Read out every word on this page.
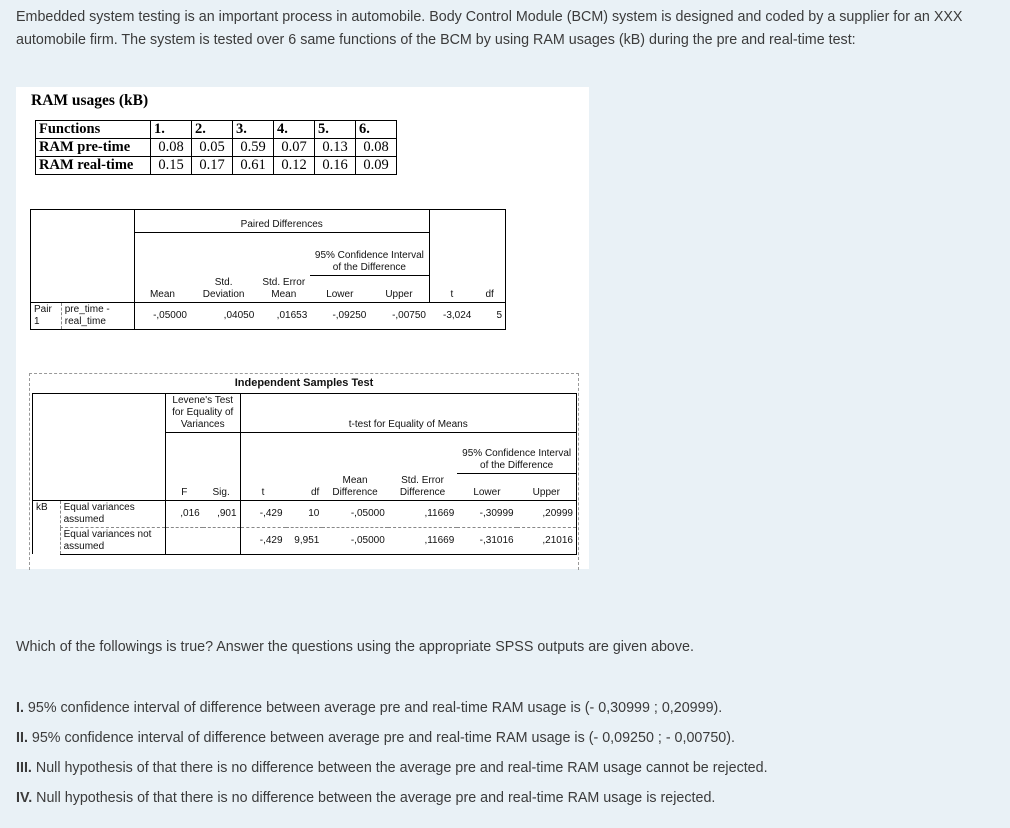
Embedded system testing is an important process in automobile. Body Control Module (BCM) system is designed and coded by a supplier for an XXX automobile firm. The system is tested over 6 same functions of the BCM by using RAM usages (kB) during the pre and real-time test:
RAM usages (kB)
Functions	1.	2.	3.	4.	5.	6.
RAM pre-time	0.08	0.05	0.59	0.07	0.13	0.08
RAM real-time	0.15	0.17	0.61	0.12	0.16	0.09
		Paired Differences						
					95% Confidence Interval of the Difference			
		Mean	Std. Deviation	Std. Error Mean	Lower	Upper	t	df
Pair 1	pre_time - real_time	-,05000	,04050	,01653	-,09250	-,00750	-3,024	5
Independent Samples Test
		Levene's Test for Equality of Variances		t-test for Equality of Means					
								95% Confidence Interval of the Difference
		F	Sig.	t	df	Mean Difference	Std. Error Difference	Lower	Upper
kB	Equal variances assumed	,016	,901	-,429	10	-,05000	,11669	-,30999	,20999
	Equal variances not assumed			-,429	9,951	-,05000	,11669	-,31016	,21016
Which of the followings is true? Answer the questions using the appropriate SPSS outputs are given above.
I. 95% confidence interval of difference between average pre and real-time RAM usage is (- 0,30999 ; 0,20999).
II. 95% confidence interval of difference between average pre and real-time RAM usage is (- 0,09250 ; - 0,00750).
III. Null hypothesis of that there is no difference between the average pre and real-time RAM usage cannot be rejected.
IV. Null hypothesis of that there is no difference between the average pre and real-time RAM usage is rejected.
